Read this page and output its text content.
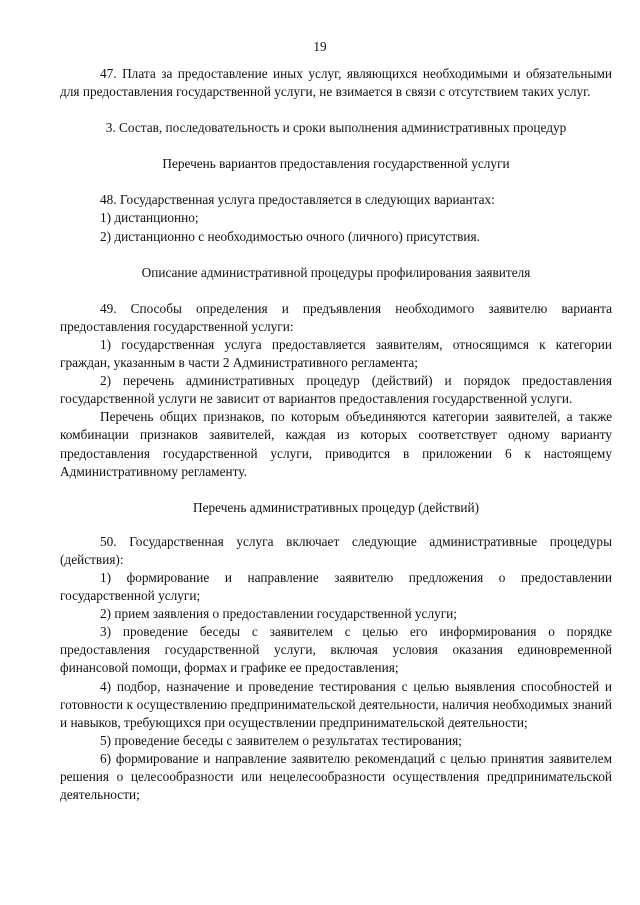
19

47. Плата за предоставление иных услуг, являющихся необходимыми и обязательными для предоставления государственной услуги, не взимается в связи с отсутствием таких услуг.

3. Состав, последовательность и сроки выполнения административных процедур

Перечень вариантов предоставления государственной услуги

48. Государственная услуга предоставляется в следующих вариантах:

1) дистанционно;

2) дистанционно с необходимостью очного (личного) присутствия.

Описание административной процедуры профилирования заявителя

49. Способы определения и предъявления необходимого заявителю варианта предоставления государственной услуги:

1) государственная услуга предоставляется заявителям, относящимся к категории граждан, указанным в части 2 Административного регламента;

2) перечень административных процедур (действий) и порядок предоставления государственной услуги не зависит от вариантов предоставления государственной услуги.

Перечень общих признаков, по которым объединяются категории заявителей, а также комбинации признаков заявителей, каждая из которых соответствует одному варианту предоставления государственной услуги, приводится в приложении 6 к настоящему Административному регламенту.

Перечень административных процедур (действий)

50. Государственная услуга включает следующие административные процедуры (действия):

1) формирование и направление заявителю предложения о предоставлении государственной услуги;

2) прием заявления о предоставлении государственной услуги;

3) проведение беседы с заявителем с целью его информирования о порядке предоставления государственной услуги, включая условия оказания единовременной финансовой помощи, формах и графике ее предоставления;

4) подбор, назначение и проведение тестирования с целью выявления способностей и готовности к осуществлению предпринимательской деятельности, наличия необходимых знаний и навыков, требующихся при осуществлении предпринимательской деятельности;

5) проведение беседы с заявителем о результатах тестирования;

6) формирование и направление заявителю рекомендаций с целью принятия заявителем решения о целесообразности или нецелесообразности осуществления предпринимательской деятельности;
